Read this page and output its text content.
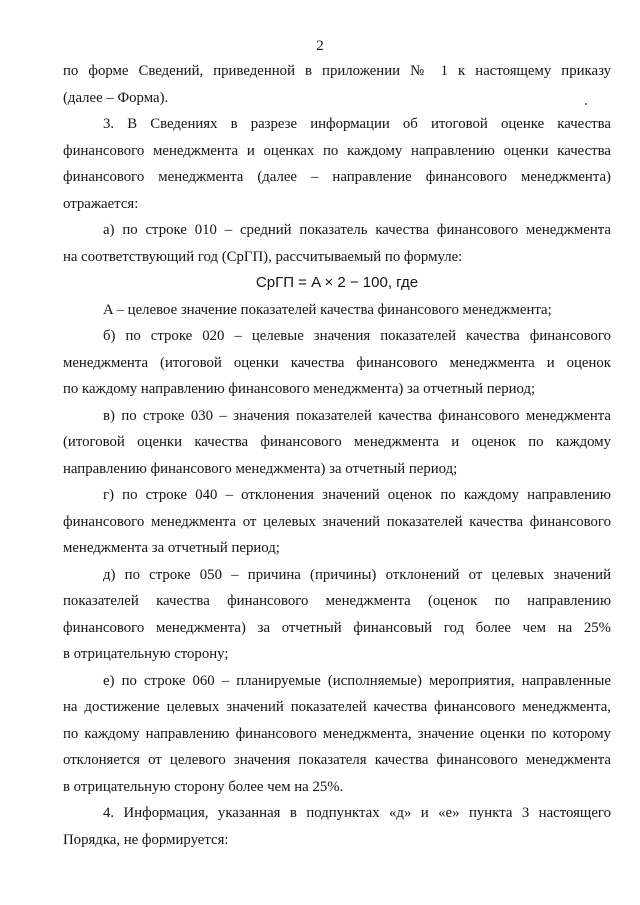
2
по форме Сведений, приведенной в приложении № 1 к настоящему приказу
(далее – Форма).
3. В Сведениях в разрезе информации об итоговой оценке качества
финансового менеджмента и оценках по каждому направлению оценки качества
финансового менеджмента (далее – направление финансового менеджмента)
отражается:
а) по строке 010 – средний показатель качества финансового менеджмента
на соответствующий год (СрГП), рассчитываемый по формуле:
СрГП = A × 2 − 100, где
A – целевое значение показателей качества финансового менеджмента;
б) по строке 020 – целевые значения показателей качества финансового
менеджмента (итоговой оценки качества финансового менеджмента и оценок
по каждому направлению финансового менеджмента) за отчетный период;
в) по строке 030 – значения показателей качества финансового менеджмента
(итоговой оценки качества финансового менеджмента и оценок по каждому
направлению финансового менеджмента) за отчетный период;
г) по строке 040 – отклонения значений оценок по каждому направлению
финансового менеджмента от целевых значений показателей качества финансового
менеджмента за отчетный период;
д) по строке 050 – причина (причины) отклонений от целевых значений
показателей качества финансового менеджмента (оценок по направлению
финансового менеджмента) за отчетный финансовый год более чем на 25%
в отрицательную сторону;
е) по строке 060 – планируемые (исполняемые) мероприятия, направленные
на достижение целевых значений показателей качества финансового менеджмента,
по каждому направлению финансового менеджмента, значение оценки по которому
отклоняется от целевого значения показателя качества финансового менеджмента
в отрицательную сторону более чем на 25%.
4. Информация, указанная в подпунктах «д» и «е» пункта 3 настоящего
Порядка, не формируется:
